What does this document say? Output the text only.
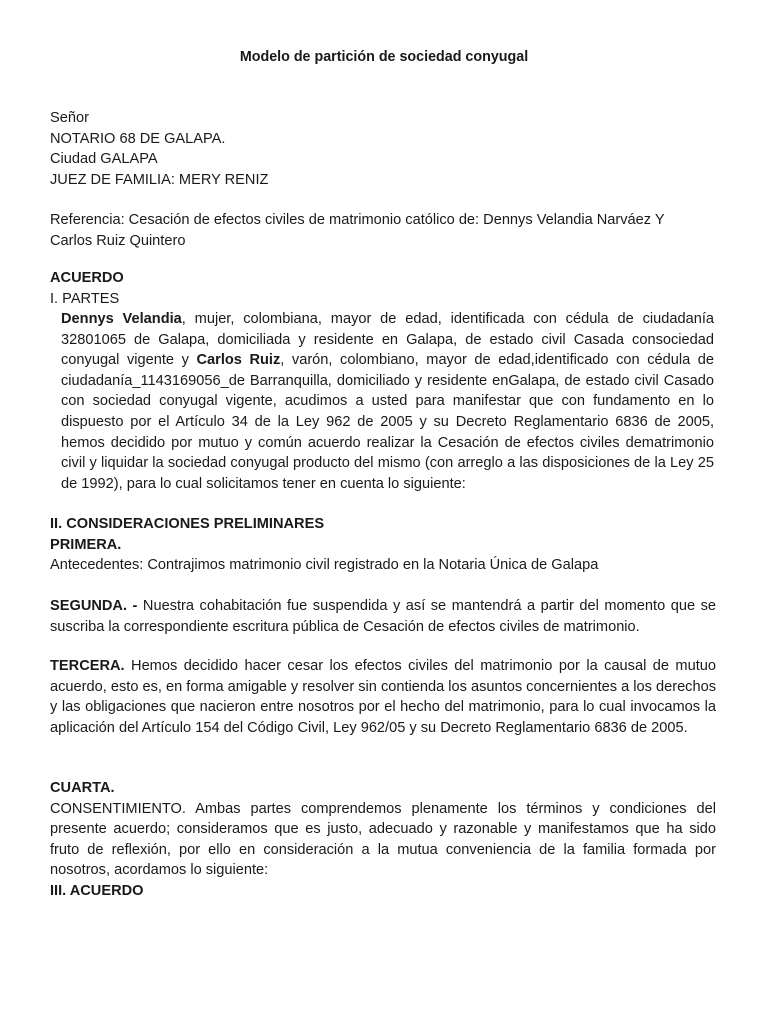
Modelo de partición de sociedad conyugal
Señor
NOTARIO 68 DE GALAPA.
Ciudad GALAPA
JUEZ DE FAMILIA: MERY RENIZ
Referencia: Cesación de efectos civiles de matrimonio católico de: Dennys Velandia Narváez Y Carlos Ruiz Quintero
ACUERDO
I. PARTES
Dennys Velandia, mujer, colombiana, mayor de edad, identificada con cédula de ciudadanía 32801065 de Galapa, domiciliada y residente en Galapa, de estado civil Casada consociedad conyugal vigente y Carlos Ruiz, varón, colombiano, mayor de edad,identificado con cédula de ciudadanía_1143169056_de Barranquilla, domiciliado y residente enGalapa, de estado civil Casado con sociedad conyugal vigente, acudimos a usted para manifestar que con fundamento en lo dispuesto por el Artículo 34 de la Ley 962 de 2005 y su Decreto Reglamentario 6836 de 2005, hemos decidido por mutuo y común acuerdo realizar la Cesación de efectos civiles dematrimonio civil y liquidar la sociedad conyugal producto del mismo (con arreglo a las disposiciones de la Ley 25 de 1992), para lo cual solicitamos tener en cuenta lo siguiente:
II. CONSIDERACIONES PRELIMINARES
PRIMERA.
Antecedentes: Contrajimos matrimonio civil registrado en la Notaria Única de Galapa
SEGUNDA. - Nuestra cohabitación fue suspendida y así se mantendrá a partir del momento que se suscriba la correspondiente escritura pública de Cesación de efectos civiles de matrimonio.
TERCERA. Hemos decidido hacer cesar los efectos civiles del matrimonio por la causal de mutuo acuerdo, esto es, en forma amigable y resolver sin contienda los asuntos concernientes a los derechos y las obligaciones que nacieron entre nosotros por el hecho del matrimonio, para lo cual invocamos la aplicación del Artículo 154 del Código Civil, Ley 962/05 y su Decreto Reglamentario 6836 de 2005.
CUARTA.
CONSENTIMIENTO. Ambas partes comprendemos plenamente los términos y condiciones del presente acuerdo; consideramos que es justo, adecuado y razonable y manifestamos que ha sido fruto de reflexión, por ello en consideración a la mutua conveniencia de la familia formada por nosotros, acordamos lo siguiente:
III. ACUERDO
